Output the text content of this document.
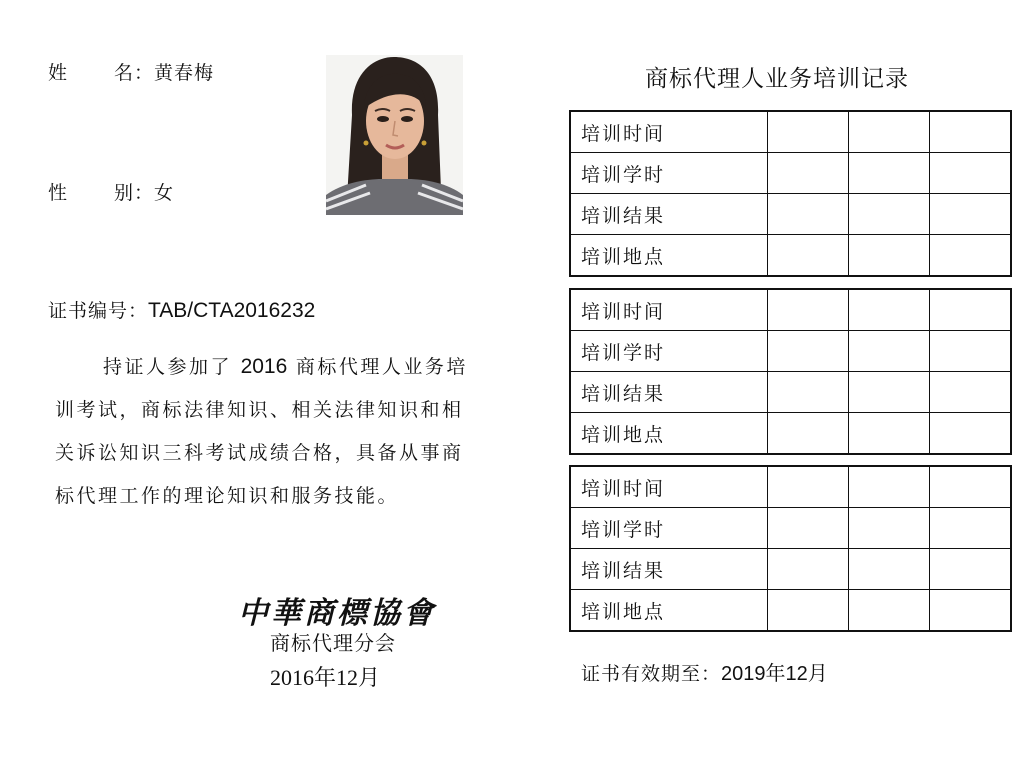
姓 名：黄春梅
性 别：女
证书编号：TAB/CTA2016232
持证人参加了 2016 商标代理人业务培
训考试，商标法律知识、相关法律知识和相
关诉讼知识三科考试成绩合格，具备从事商
标代理工作的理论知识和服务技能。
中華商標協會
商标代理分会
2016年12月
商标代理人业务培训记录
培训时间			
培训学时			
培训结果			
培训地点			
培训时间			
培训学时			
培训结果			
培训地点			
培训时间			
培训学时			
培训结果			
培训地点			
证书有效期至：2019年12月
